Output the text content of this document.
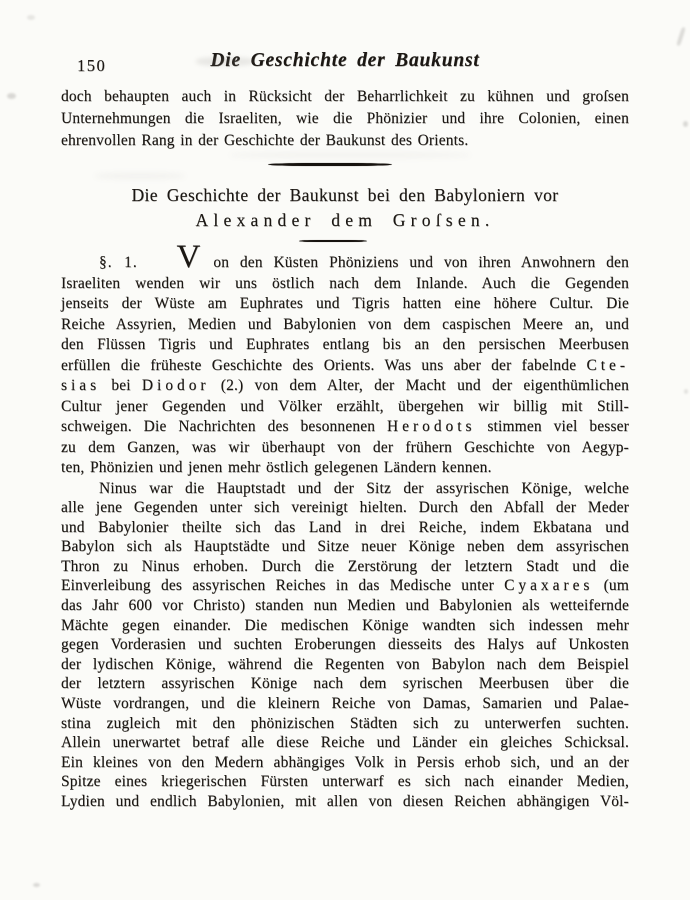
150	Die Geschichte der Baukunst
doch behaupten auch in Rücksicht der Beharrlichkeit zu kühnen und groſsen
Unternehmungen die Israeliten, wie die Phönizier und ihre Colonien, einen
ehrenvollen Rang in der Geschichte der Baukunst des Orients.
Die Geschichte der Baukunst bei den Babyloniern vor
Alexander dem Groſsen.
§. 1. V on den Küsten Phöniziens und von ihren Anwohnern den
Israeliten wenden wir uns östlich nach dem Inlande. Auch die Gegenden
jenseits der Wüste am Euphrates und Tigris hatten eine höhere Cultur. Die
Reiche Assyrien, Medien und Babylonien von dem caspischen Meere an, und
den Flüssen Tigris und Euphrates entlang bis an den persischen Meerbusen
erfüllen die früheste Geschichte des Orients. Was uns aber der fabelnde Cte-
sias bei Diodor (2.) von dem Alter, der Macht und der eigenthümlichen
Cultur jener Gegenden und Völker erzählt, übergehen wir billig mit Still-
schweigen. Die Nachrichten des besonnenen Herodots stimmen viel besser
zu dem Ganzen, was wir überhaupt von der frühern Geschichte von Aegyp-
ten, Phönizien und jenen mehr östlich gelegenen Ländern kennen.
Ninus war die Hauptstadt und der Sitz der assyrischen Könige, welche
alle jene Gegenden unter sich vereinigt hielten. Durch den Abfall der Meder
und Babylonier theilte sich das Land in drei Reiche, indem Ekbatana und
Babylon sich als Hauptstädte und Sitze neuer Könige neben dem assyrischen
Thron zu Ninus erhoben. Durch die Zerstörung der letztern Stadt und die
Einverleibung des assyrischen Reiches in das Medische unter Cyaxares (um
das Jahr 600 vor Christo) standen nun Medien und Babylonien als wetteifernde
Mächte gegen einander. Die medischen Könige wandten sich indessen mehr
gegen Vorderasien und suchten Eroberungen diesseits des Halys auf Unkosten
der lydischen Könige, während die Regenten von Babylon nach dem Beispiel
der letztern assyrischen Könige nach dem syrischen Meerbusen über die
Wüste vordrangen, und die kleinern Reiche von Damas, Samarien und Palae-
stina zugleich mit den phönizischen Städten sich zu unterwerfen suchten.
Allein unerwartet betraf alle diese Reiche und Länder ein gleiches Schicksal.
Ein kleines von den Medern abhängiges Volk in Persis erhob sich, und an der
Spitze eines kriegerischen Fürsten unterwarf es sich nach einander Medien,
Lydien und endlich Babylonien, mit allen von diesen Reichen abhängigen Völ-
